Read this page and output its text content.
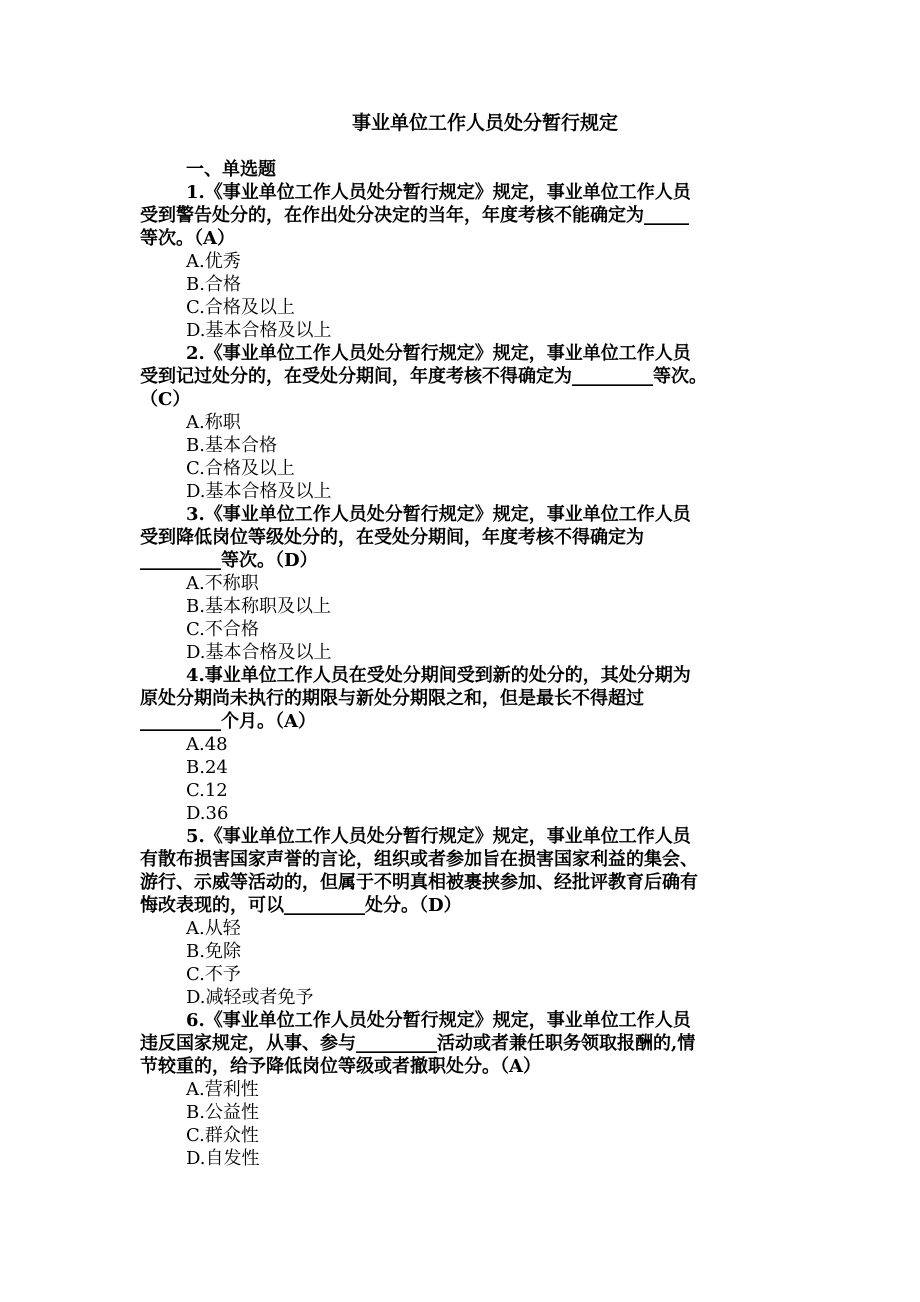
事业单位工作人员处分暂行规定
一、单选题
1.《事业单位工作人员处分暂行规定》规定，事业单位工作人员
受到警告处分的，在作出处分决定的当年，年度考核不能确定为_____
等次。（A）
A.优秀
B.合格
C.合格及以上
D.基本合格及以上
2.《事业单位工作人员处分暂行规定》规定，事业单位工作人员
受到记过处分的，在受处分期间，年度考核不得确定为_________等次。
（C）
A.称职
B.基本合格
C.合格及以上
D.基本合格及以上
3.《事业单位工作人员处分暂行规定》规定，事业单位工作人员
受到降低岗位等级处分的，在受处分期间，年度考核不得确定为
_________等次。（D）
A.不称职
B.基本称职及以上
C.不合格
D.基本合格及以上
4.事业单位工作人员在受处分期间受到新的处分的，其处分期为
原处分期尚未执行的期限与新处分期限之和，但是最长不得超过
_________个月。（A）
A.48
B.24
C.12
D.36
5.《事业单位工作人员处分暂行规定》规定，事业单位工作人员
有散布损害国家声誉的言论，组织或者参加旨在损害国家利益的集会、
游行、示威等活动的，但属于不明真相被裹挟参加、经批评教育后确有
悔改表现的，可以_________处分。（D）
A.从轻
B.免除
C.不予
D.减轻或者免予
6.《事业单位工作人员处分暂行规定》规定，事业单位工作人员
违反国家规定，从事、参与_________活动或者兼任职务领取报酬的,情
节较重的，给予降低岗位等级或者撤职处分。（A）
A.营利性
B.公益性
C.群众性
D.自发性
